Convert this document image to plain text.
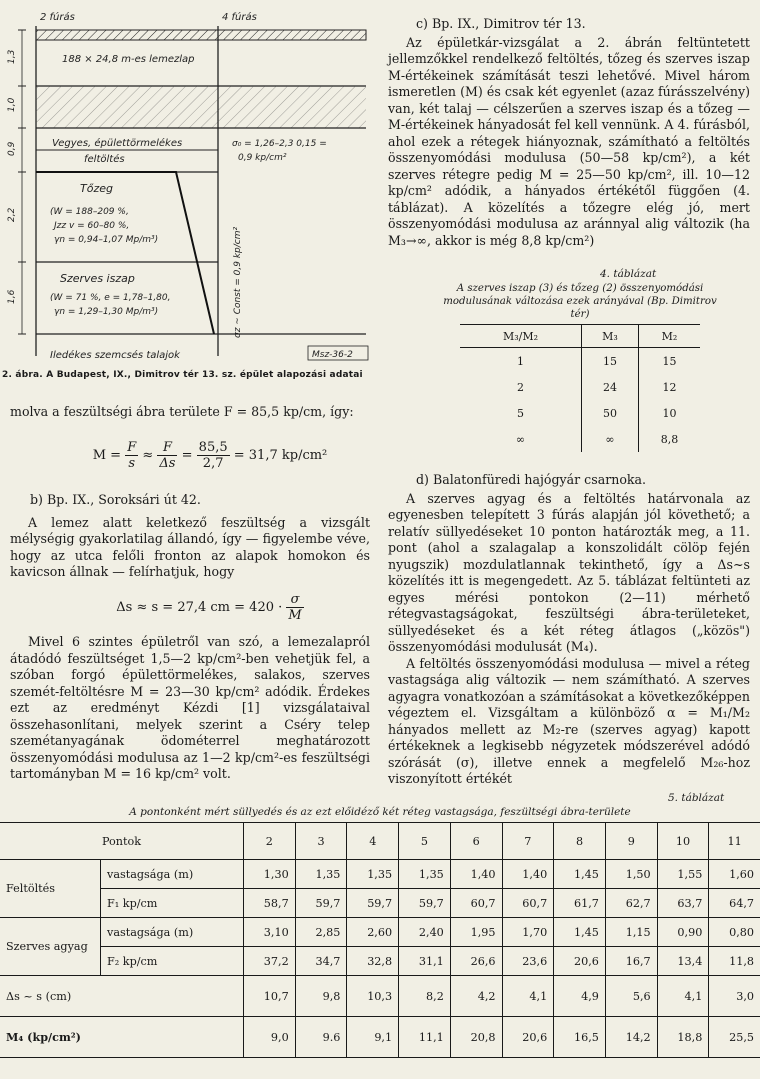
2 fúrás	4 fúrás
188 × 24,8 m-es lemezlap
Vegyes, épülettörmelékes
feltöltés
σ₀ = 1,26–2,3 0,15 =
0,9 kp/cm²
Tőzeg
(W = 188–209 %,
Jzz v = 60–80 %,
γn = 0,94–1,07 Mp/m³)
Szerves iszap
(W = 71 %, e = 1,78–1,80,
γn = 1,29–1,30 Mp/m³)
Iledékes szemcsés talajok	Msz-36-2
σz ~ Const = 0,9 kp/cm²
1,3
1,0
0,9
2,2
1,6
2. ábra. A Budapest, IX., Dimitrov tér 13. sz. épület alapozási adatai

molva a feszültségi ábra területe F = 85,5 kp/cm, így:

$M = \frac{F}{s} \approx \frac{F}{\Delta s} = \frac{85,5}{2,7} = 31,7$ kp/cm²

b) Bp. IX., Soroksári út 42.

A lemez alatt keletkező feszültség a vizsgált mélységig gyakorlatilag állandó, így — figyelembe véve, hogy az utca felőli fronton az alapok homokon és kavicson állnak — felírhatjuk, hogy

Δs ≈ s = 27,4 cm = $420 \cdot \frac{\sigma}{M}$

Mivel 6 szintes épületről van szó, a lemezalapról átadódó feszültséget 1,5—2 kp/cm²-ben vehetjük fel, a szóban forgó épülettörmelékes, salakos, szerves szemét-feltöltésre M = 23—30 kp/cm² adódik. Érdekes ezt az eredményt Kézdi [1] vizsgálataival összehasonlítani, melyek szerint a Cséry telep szemétanyagának ödométerrel meghatározott összenyomódási modulusa az 1—2 kp/cm²-es feszültségi tartományban M = 16 kp/cm² volt.

c) Bp. IX., Dimitrov tér 13.

Az épületkár-vizsgálat a 2. ábrán feltüntetett jellemzőkkel rendelkező feltöltés, tőzeg és szerves iszap M-értékeinek számítását teszi lehetővé. Mivel három ismeretlen (M) és csak két egyenlet (azaz fúrásszelvény) van, két talaj — célszerűen a szerves iszap és a tőzeg — M-értékeinek hányadosát fel kell vennünk. A 4. fúrásból, ahol ezek a rétegek hiányoznak, számítható a feltöltés összenyomódási modulusa (50—58 kp/cm²), a két szerves rétegre pedig M = 25—50 kp/cm², ill. 10—12 kp/cm² adódik, a hányados értékétől függően (4. táblázat). A közelítés a tőzegre elég jó, mert összenyomódási modulusa az aránnyal alig változik (ha M₃→∞, akkor is még 8,8 kp/cm²)

4. táblázat
A szerves iszap (3) és tőzeg (2) összenyomódási modulusának változása ezek arányával (Bp. Dimitrov tér)
M₃/M₂	M₃	M₂
1	15	15
2	24	12
5	50	10
∞	∞	8,8

d) Balatonfüredi hajógyár csarnoka.

A szerves agyag és a feltöltés határvonala az egyenesben telepített 3 fúrás alapján jól követhető; a relatív süllyedéseket 10 ponton határozták meg, a 11. pont (ahol a szalagalap a konszolidált cölöp fején nyugszik) mozdulatlannak tekinthető, így a Δs~s közelítés itt is megengedett. Az 5. táblázat feltünteti az egyes mérési pontokon (2—11) mérhető rétegvastagságokat, feszültségi ábra-területeket, süllyedéseket és a két réteg átlagos („közös") összenyomódási modulusát (M₄).

A feltöltés összenyomódási modulusa — mivel a réteg vastagsága alig változik — nem számítható. A szerves agyagra vonatkozóan a számításokat a következőképpen végeztem el. Vizsgáltam a különböző α = M₁/M₂ hányados mellett az M₂-re (szerves agyag) kapott értékeknek a legkisebb négyzetek módszerével adódó szórását (σ), illetve ennek a megfelelő M₂₆-hoz viszonyított értékét

5. táblázat
A pontonként mért süllyedés és az ezt előidéző két réteg vastagsága, feszültségi ábra-területe
Pontok		2	3	4	5	6	7	8	9	10	11
Feltöltés	vastagsága (m)	1,30	1,35	1,35	1,35	1,40	1,40	1,45	1,50	1,55	1,60
	F₁ kp/cm	58,7	59,7	59,7	59,7	60,7	60,7	61,7	62,7	63,7	64,7
Szerves agyag	vastagsága (m)	3,10	2,85	2,60	2,40	1,95	1,70	1,45	1,15	0,90	0,80
	F₂ kp/cm	37,2	34,7	32,8	31,1	26,6	23,6	20,6	16,7	13,4	11,8
Δs ~ s (cm)		10,7	9,8	10,3	8,2	4,2	4,1	4,9	5,6	4,1	3,0
M₄ (kp/cm²)		9,0	9.6	9,1	11,1	20,8	20,6	16,5	14,2	18,8	25,5
